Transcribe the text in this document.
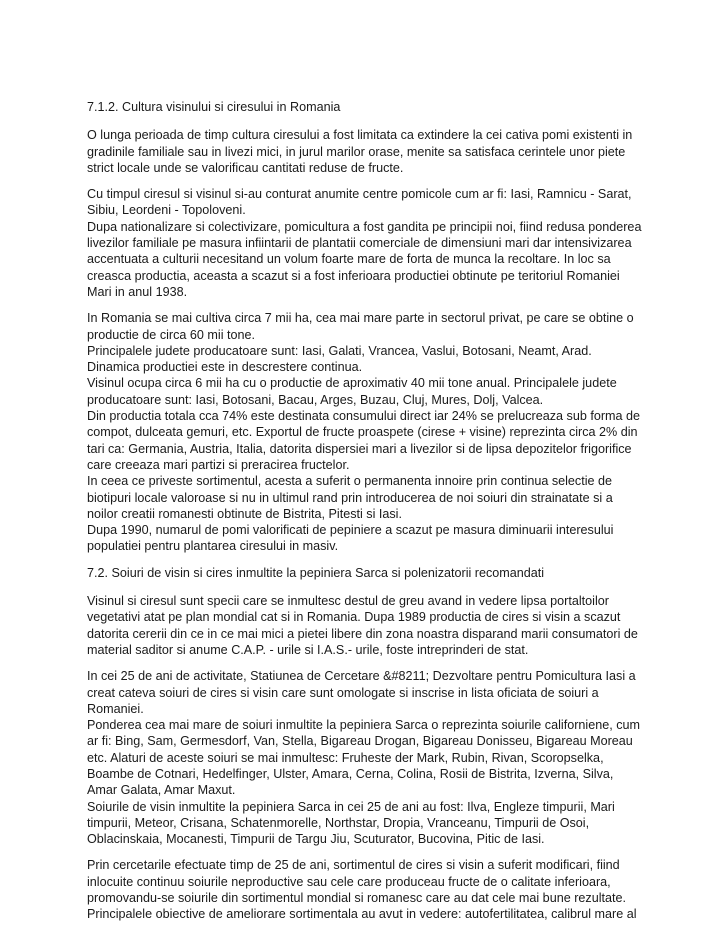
7.1.2. Cultura visinului si ciresului in Romania

O lunga perioada de timp cultura ciresului a fost limitata ca extindere la cei cativa pomi existenti in
gradinile familiale sau in livezi mici, in jurul marilor orase, menite sa satisfaca cerintele unor piete
strict locale unde se valorificau cantitati reduse de fructe.

Cu timpul ciresul si visinul si-au conturat anumite centre pomicole cum ar fi: Iasi, Ramnicu - Sarat,
Sibiu, Leordeni - Topoloveni.
Dupa nationalizare si colectivizare, pomicultura a fost gandita pe principii noi, fiind redusa ponderea
livezilor familiale pe masura infiintarii de plantatii comerciale de dimensiuni mari dar intensivizarea
accentuata a culturii necesitand un volum foarte mare de forta de munca la recoltare. In loc sa
creasca productia, aceasta a scazut si a fost inferioara productiei obtinute pe teritoriul Romaniei
Mari in anul 1938.

In Romania se mai cultiva circa 7 mii ha, cea mai mare parte in sectorul privat, pe care se obtine o
productie de circa 60 mii tone.
Principalele judete producatoare sunt: Iasi, Galati, Vrancea, Vaslui, Botosani, Neamt, Arad.
Dinamica productiei este in descrestere continua.
Visinul ocupa circa 6 mii ha cu o productie de aproximativ 40 mii tone anual. Principalele judete
producatoare sunt: Iasi, Botosani, Bacau, Arges, Buzau, Cluj, Mures, Dolj, Valcea.
Din productia totala cca 74% este destinata consumului direct iar 24% se prelucreaza sub forma de
compot, dulceata gemuri, etc. Exportul de fructe proaspete (cirese + visine) reprezinta circa 2% din
tari ca: Germania, Austria, Italia, datorita dispersiei mari a livezilor si de lipsa depozitelor frigorifice
care creeaza mari partizi si preracirea fructelor.
In ceea ce priveste sortimentul, acesta a suferit o permanenta innoire prin continua selectie de
biotipuri locale valoroase si nu in ultimul rand prin introducerea de noi soiuri din strainatate si a
noilor creatii romanesti obtinute de Bistrita, Pitesti si Iasi.
Dupa 1990, numarul de pomi valorificati de pepiniere a scazut pe masura diminuarii interesului
populatiei pentru plantarea ciresului in masiv.

7.2. Soiuri de visin si cires inmultite la pepiniera Sarca si polenizatorii recomandati

Visinul si ciresul sunt specii care se inmultesc destul de greu avand in vedere lipsa portaltoilor
vegetativi atat pe plan mondial cat si in Romania. Dupa 1989 productia de cires si visin a scazut
datorita cererii din ce in ce mai mici a pietei libere din zona noastra disparand marii consumatori de
material saditor si anume C.A.P. - urile si I.A.S.- urile, foste intreprinderi de stat.

In cei 25 de ani de activitate, Statiunea de Cercetare &#8211; Dezvoltare pentru Pomicultura Iasi a
creat cateva soiuri de cires si visin care sunt omologate si inscrise in lista oficiata de soiuri a
Romaniei.
Ponderea cea mai mare de soiuri inmultite la pepiniera Sarca o reprezinta soiurile californiene, cum
ar fi: Bing, Sam, Germesdorf, Van, Stella, Bigareau Drogan, Bigareau Donisseu, Bigareau Moreau
etc. Alaturi de aceste soiuri se mai inmultesc: Fruheste der Mark, Rubin, Rivan, Scoropselka,
Boambe de Cotnari, Hedelfinger, Ulster, Amara, Cerna, Colina, Rosii de Bistrita, Izverna, Silva,
Amar Galata, Amar Maxut.
Soiurile de visin inmultite la pepiniera Sarca in cei 25 de ani au fost: Ilva, Engleze timpurii, Mari
timpurii, Meteor, Crisana, Schatenmorelle, Northstar, Dropia, Vranceanu, Timpurii de Osoi,
Oblacinskaia, Mocanesti, Timpurii de Targu Jiu, Scuturator, Bucovina, Pitic de Iasi.

Prin cercetarile efectuate timp de 25 de ani, sortimentul de cires si visin a suferit modificari, fiind
inlocuite continuu soiurile neproductive sau cele care produceau fructe de o calitate inferioara,
promovandu-se soiurile din sortimentul mondial si romanesc care au dat cele mai bune rezultate.
Principalele obiective de ameliorare sortimentala au avut in vedere: autofertilitatea, calibrul mare al
